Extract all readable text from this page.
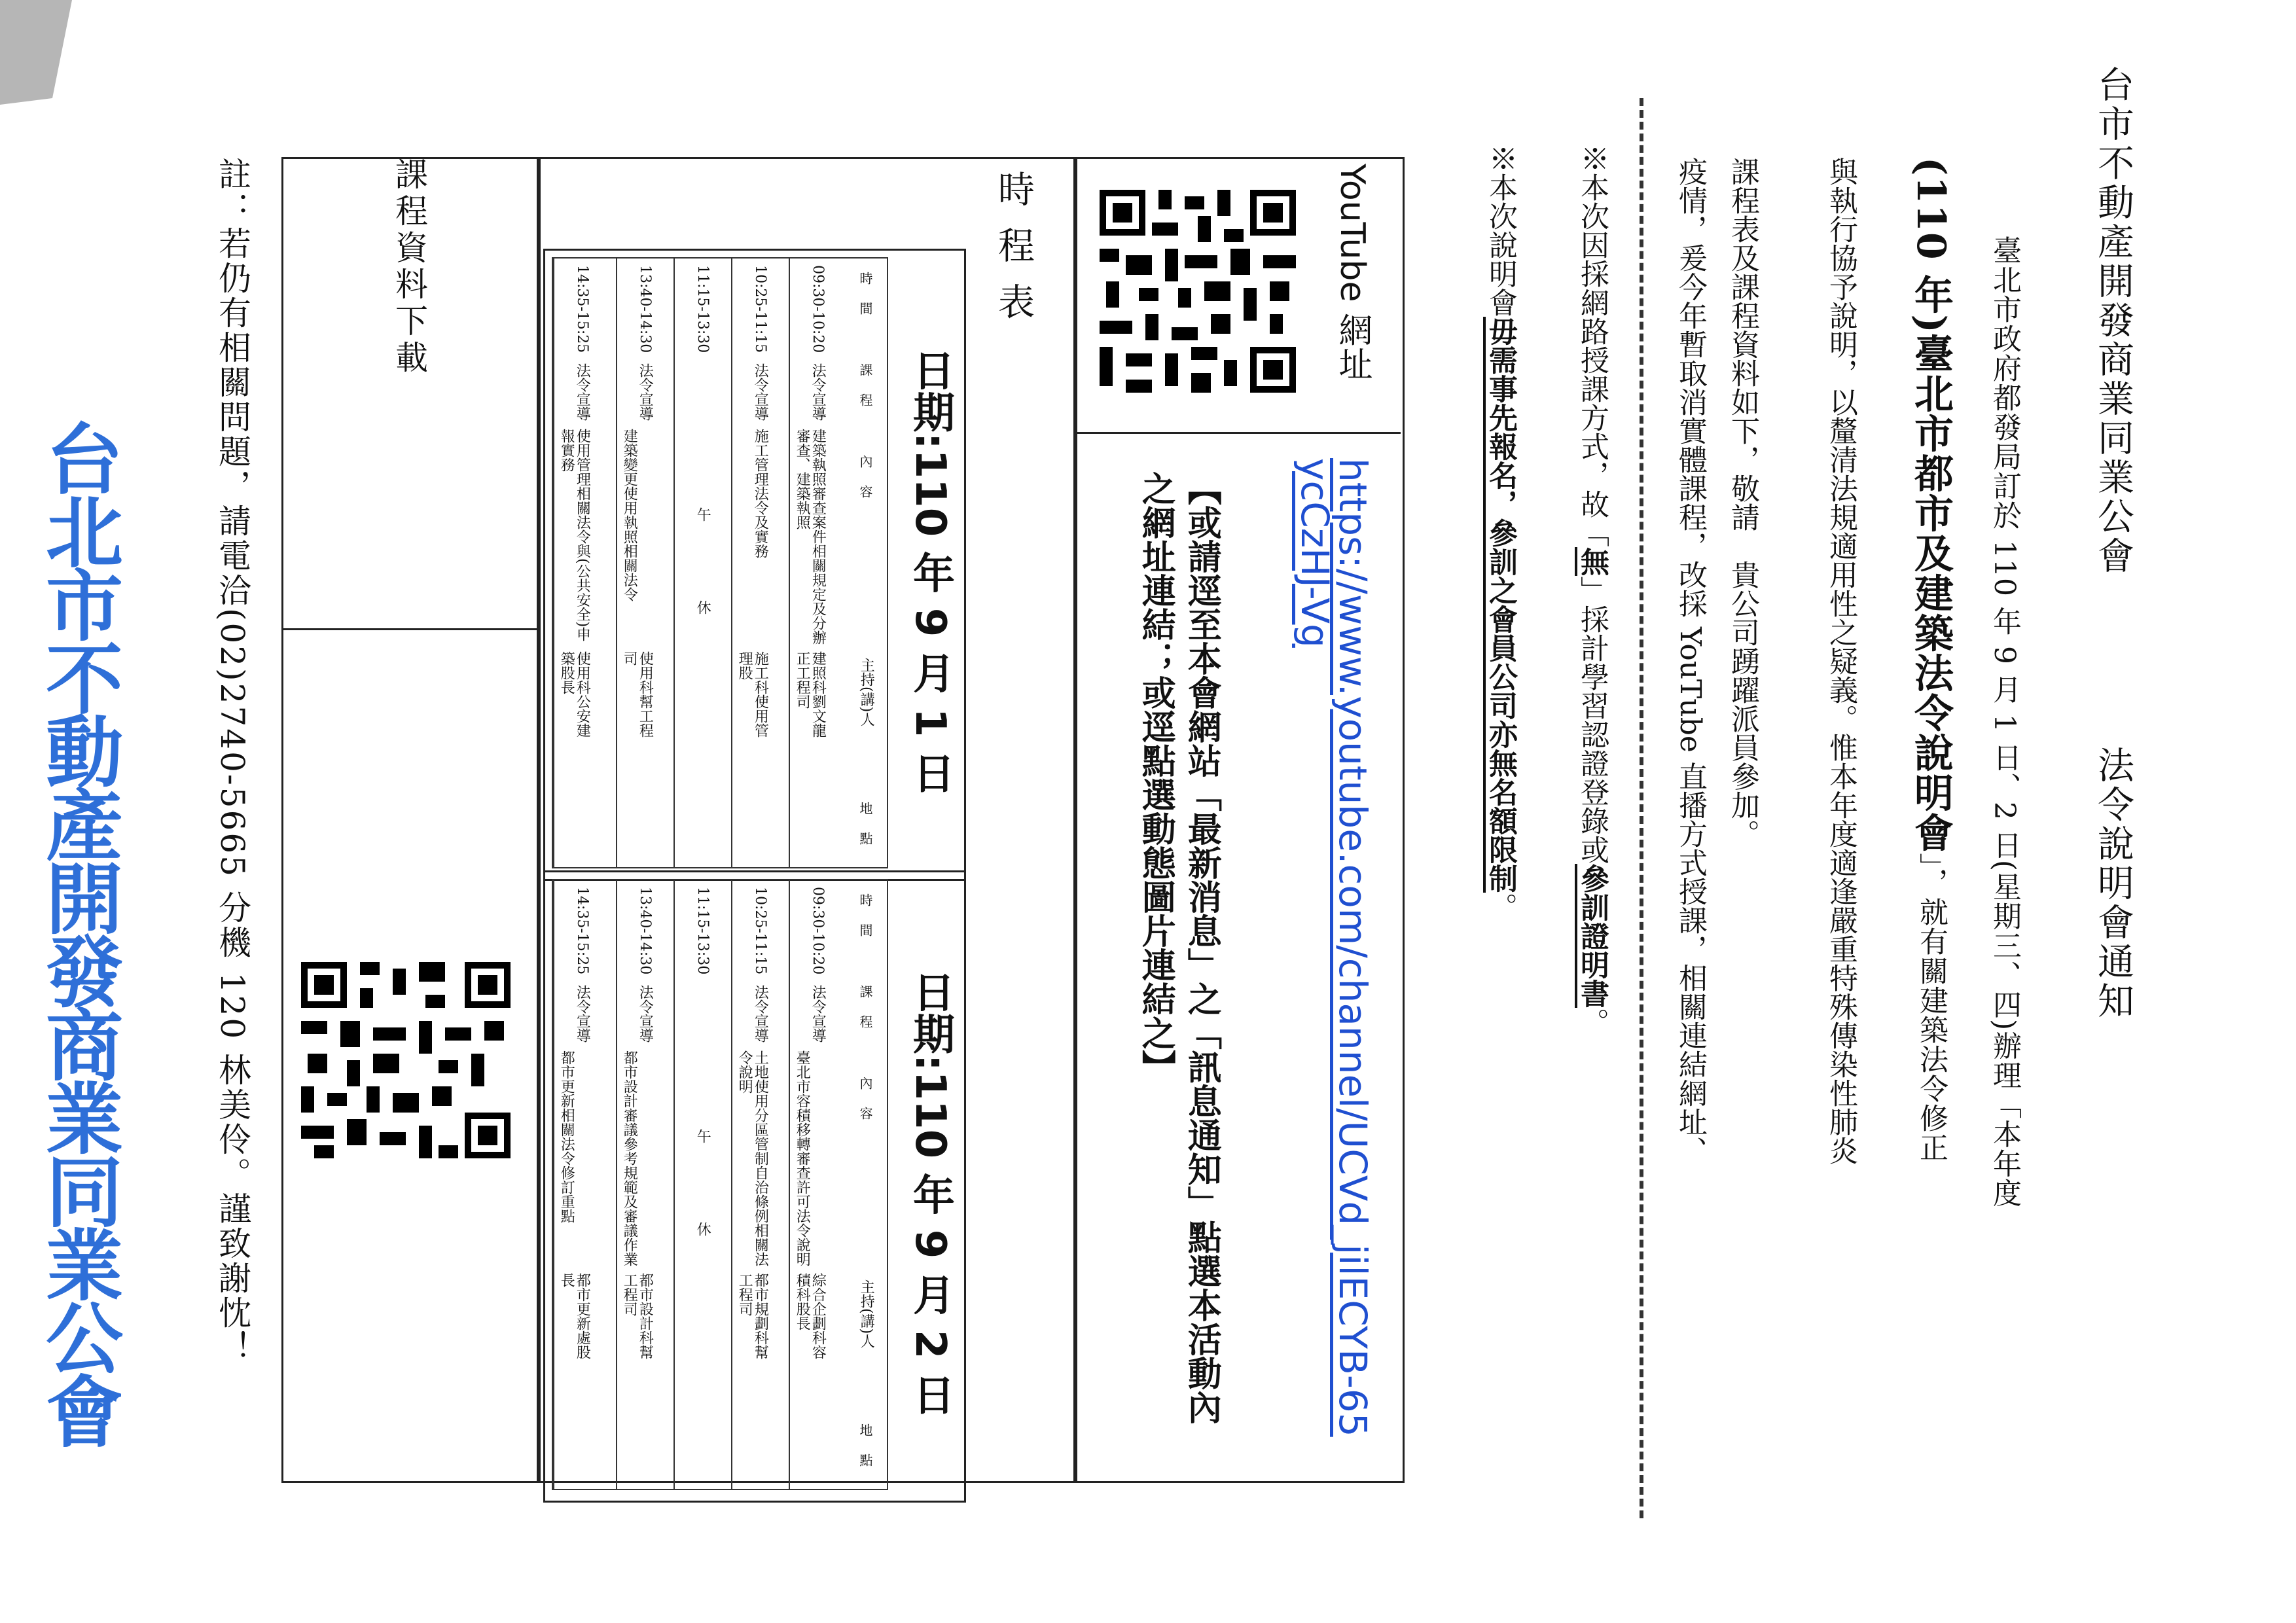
台市不動產開發商業同業公會法令說明會通知
臺北市政府都發局訂於 110 年 9 月 1 日、2 日(星期三、四)辦理「本年度
(110 年)臺北市都市及建築法令說明會」，就有關建築法令修正
與執行協予說明，以釐清法規適用性之疑義。惟本年度適逢嚴重特殊傳染性肺炎
疫情，爰今年暫取消實體課程，改採 YouTube 直播方式授課，相關連結網址、 課程表及課程資料如下，敬請　貴公司踴躍派員參加。
※本次因採網路授課方式，故「無」採計學習認證登錄或參訓證明書。
※本次說明會毋需事先報名，參訓之會員公司亦無名額限制。
YouTube 網址
https://www.youtube.com/channel/UCVd_jilECYB-65ycCzHJ-Vg
【或請逕至本會網站「最新消息」之「訊息通知」點選本活動內之網址連結；或逕點選動態圖片連結之】
時程表
日期:110 年 9 月 1 日
時間
課程
內容
主持(講)人
地點
09:30-10:20
法令宣導
建築執照審查案件相關規定及分辦審查、建築執照
建照科劉文龍正工程司
10:25-11:15
法令宣導
施工管理法令及實務
施工科使用管理股
11:15-13:30
午休
13:40-14:30
法令宣導
建築變更使用執照相關法令
使用科幫工程司
14:35-15:25
法令宣導
使用管理相關法令與(公共安全)申報實務
使用科公安建築股長
日期:110 年 9 月 2 日
時間
課程
內容
主持(講)人
地點
09:30-10:20
法令宣導
臺北市容積移轉審查許可法令說明
綜合企劃科容積科股長
10:25-11:15
法令宣導
土地使用分區管制自治條例相關法令說明
都市規劃科幫工程司
11:15-13:30
午休
13:40-14:30
法令宣導
都市設計審議參考規範及審議作業
都市設計科幫工程司
14:35-15:25
法令宣導
都市更新相關法令修訂重點
都市更新處股長
課程資料下載
註：若仍有相關問題，請電洽(02)2740-5665 分機 120 林美伶。謹致謝忱！
台北市不動產開發商業同業公會
